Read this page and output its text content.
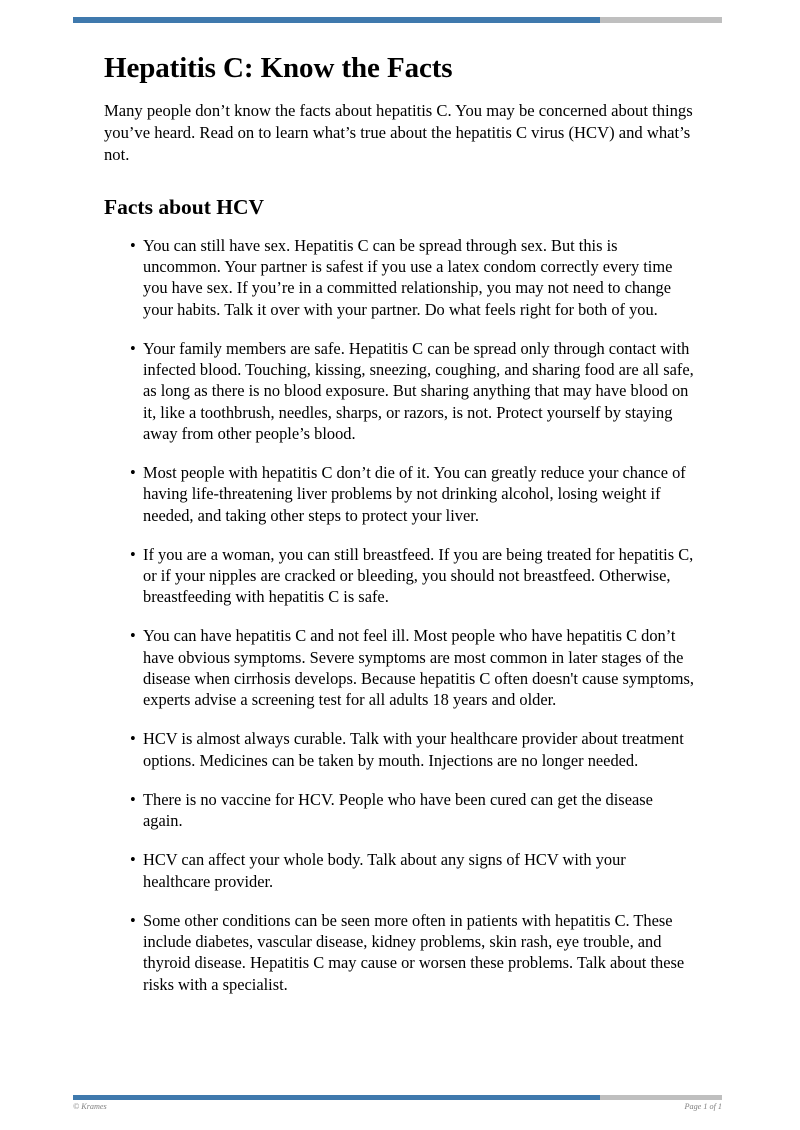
Hepatitis C: Know the Facts

Many people don’t know the facts about hepatitis C. You may be concerned about things you’ve heard. Read on to learn what’s true about the hepatitis C virus (HCV) and what’s not.

Facts about HCV
• You can still have sex. Hepatitis C can be spread through sex. But this is uncommon. Your partner is safest if you use a latex condom correctly every time you have sex. If you’re in a committed relationship, you may not need to change your habits. Talk it over with your partner. Do what feels right for both of you.
• Your family members are safe. Hepatitis C can be spread only through contact with infected blood. Touching, kissing, sneezing, coughing, and sharing food are all safe, as long as there is no blood exposure. But sharing anything that may have blood on it, like a toothbrush, needles, sharps, or razors, is not. Protect yourself by staying away from other people’s blood.
• Most people with hepatitis C don’t die of it. You can greatly reduce your chance of having life-threatening liver problems by not drinking alcohol, losing weight if needed, and taking other steps to protect your liver.
• If you are a woman, you can still breastfeed. If you are being treated for hepatitis C, or if your nipples are cracked or bleeding, you should not breastfeed. Otherwise, breastfeeding with hepatitis C is safe.
• You can have hepatitis C and not feel ill. Most people who have hepatitis C don’t have obvious symptoms. Severe symptoms are most common in later stages of the disease when cirrhosis develops. Because hepatitis C often doesn't cause symptoms, experts advise a screening test for all adults 18 years and older.
• HCV is almost always curable. Talk with your healthcare provider about treatment options. Medicines can be taken by mouth. Injections are no longer needed.
• There is no vaccine for HCV. People who have been cured can get the disease again.
• HCV can affect your whole body. Talk about any signs of HCV with your healthcare provider.
• Some other conditions can be seen more often in patients with hepatitis C. These include diabetes, vascular disease, kidney problems, skin rash, eye trouble, and thyroid disease. Hepatitis C may cause or worsen these problems. Talk about these risks with a specialist.
© Krames	Page 1 of 1
